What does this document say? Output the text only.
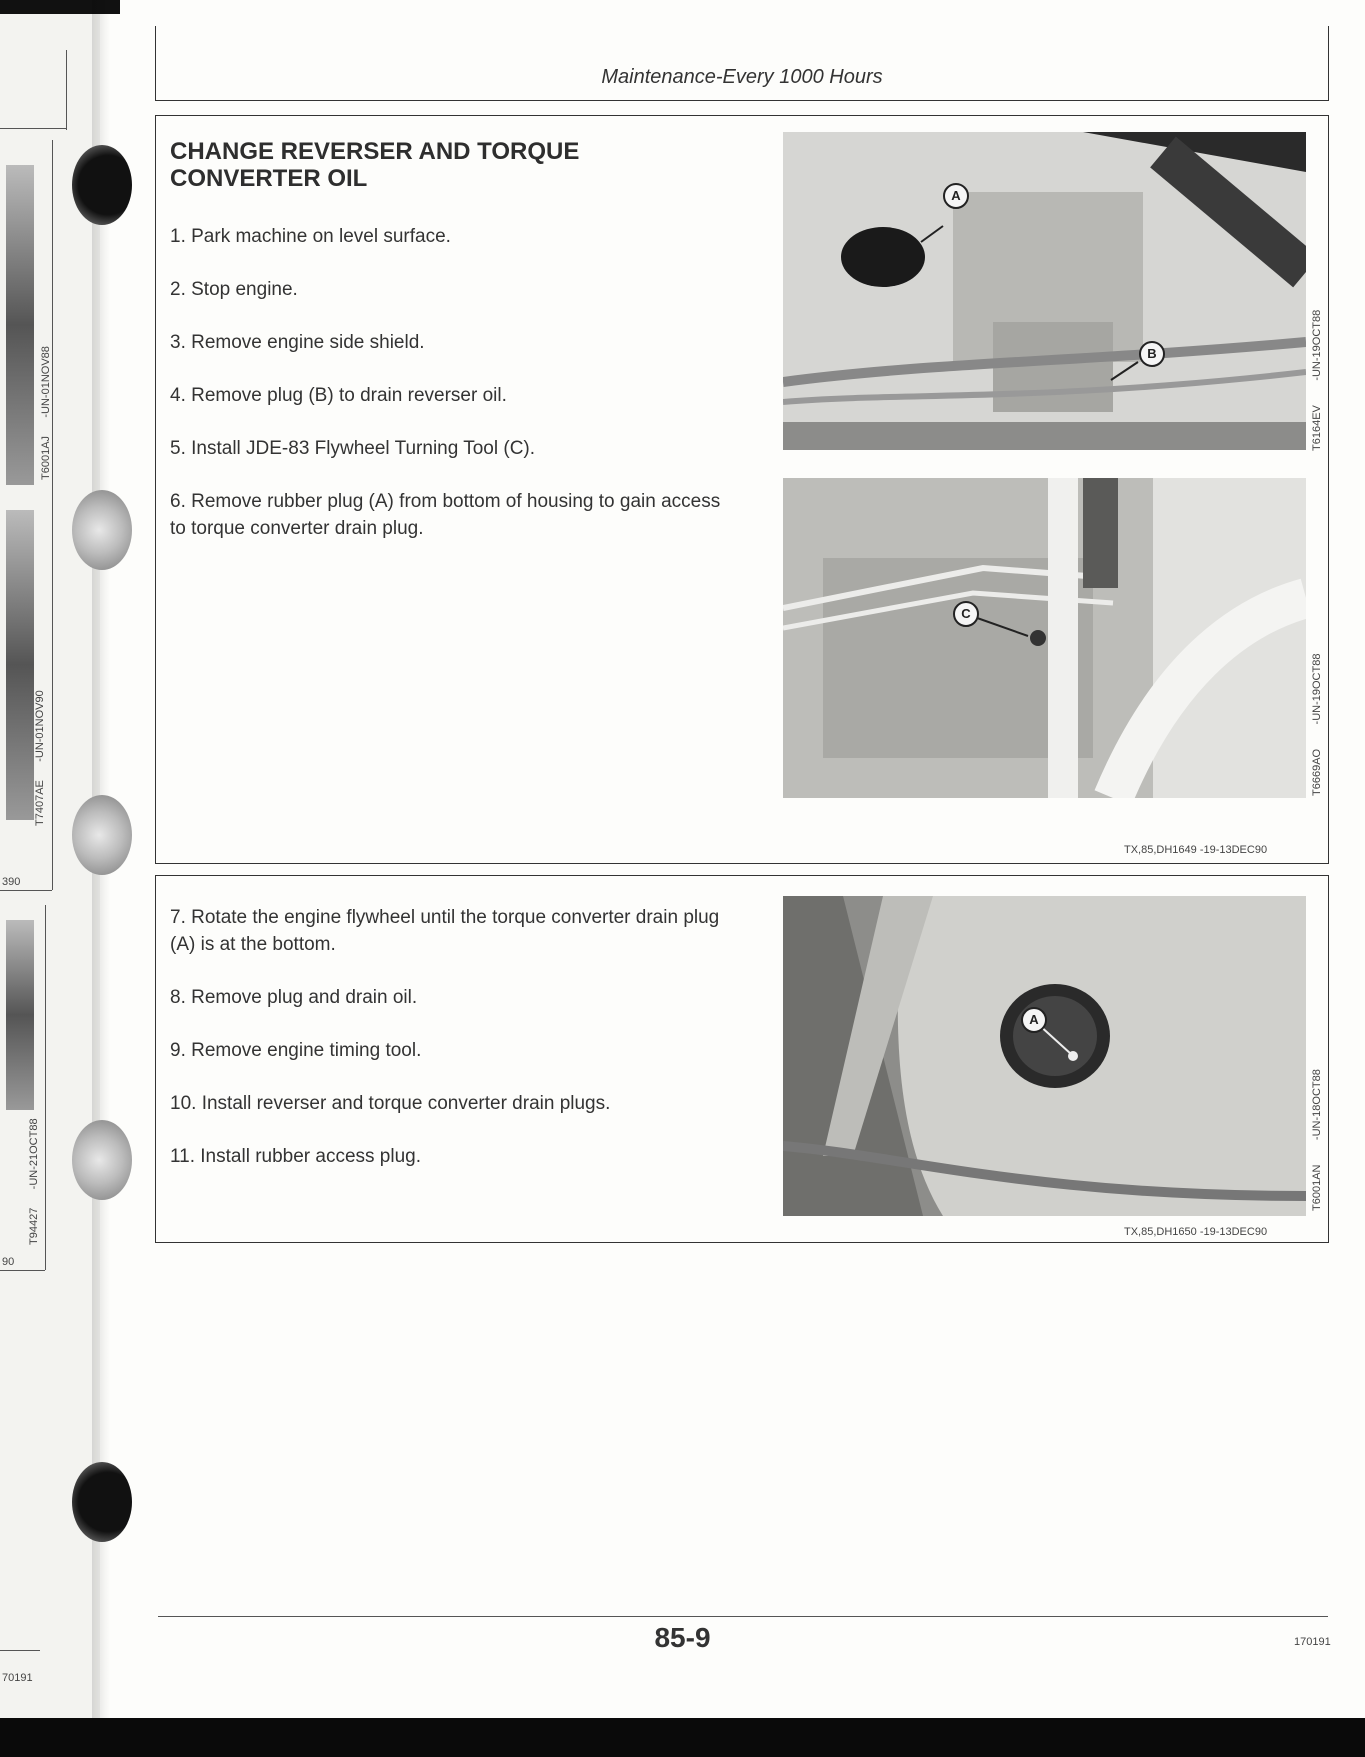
T6001AJ      -UN-01NOV88
T7407AE      -UN-01NOV90
T94427      -UN-21OCT88
390
90
70191
Maintenance-Every 1000 Hours
CHANGE REVERSER AND TORQUE
CONVERTER OIL
1. Park machine on level surface.
2. Stop engine.
3. Remove engine side shield.
4. Remove plug (B) to drain reverser oil.
5. Install JDE-83 Flywheel Turning Tool (C).
6. Remove rubber plug (A) from bottom of housing to gain access to torque converter drain plug.
A
B
T6164EV        -UN-19OCT88
C
T6669AO        -UN-19OCT88
TX,85,DH1649 -19-13DEC90
7. Rotate the engine flywheel until the torque converter drain plug (A) is at the bottom.
8. Remove plug and drain oil.
9. Remove engine timing tool.
10. Install reverser and torque converter drain plugs.
11. Install rubber access plug.
A
T6001AN        -UN-18OCT88
TX,85,DH1650 -19-13DEC90
85-9	170191
